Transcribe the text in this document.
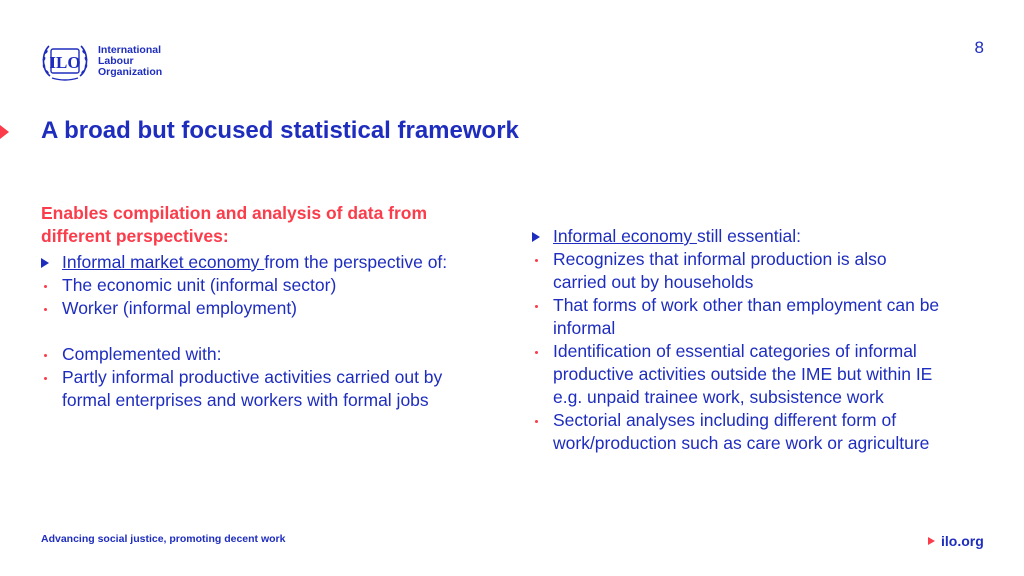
8
ILO
International
Labour
Organization
A broad but focused statistical framework

Enables compilation and analysis of data from
different perspectives:

Informal market economy from the perspective of:
The economic unit (informal sector)
Worker (informal employment)
Complemented with:
Partly informal productive activities carried out by
formal enterprises and workers with formal jobs
Informal economy still essential:
Recognizes that informal production is also
carried out by households
That forms of work other than employment can be
informal
Identification of essential categories of informal
productive activities outside the IME but within IE
e.g. unpaid trainee work, subsistence work
Sectorial analyses including different form of
work/production such as care work or agriculture
Advancing social justice, promoting decent work	ilo.org
